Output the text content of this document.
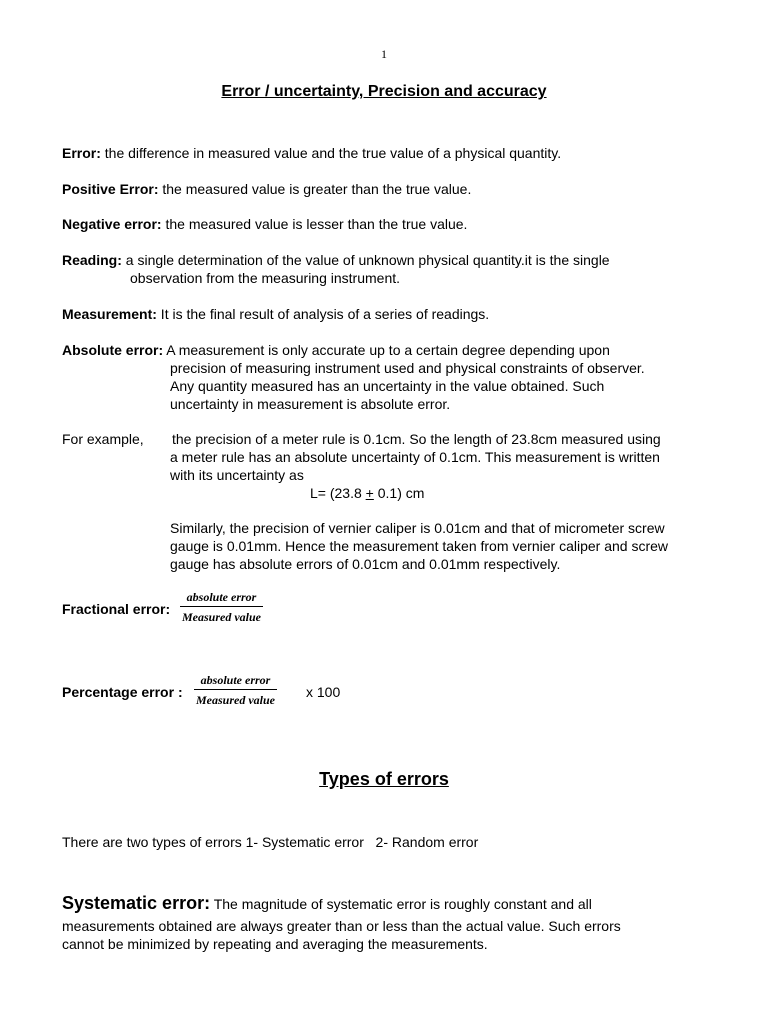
1
Error / uncertainty, Precision and accuracy
Error: the difference in measured value and the true value of a physical quantity.
Positive Error: the measured value is greater than the true value.
Negative error: the measured value is lesser than the true value.
Reading: a single determination of the value of unknown physical quantity.it is the single
observation from the measuring instrument.
Measurement: It is the final result of analysis of a series of readings.
Absolute error: A measurement is only accurate up to a certain degree depending upon
precision of measuring instrument used and physical constraints of observer.
Any quantity measured has an uncertainty in the value obtained. Such
uncertainty in measurement is absolute error.
For example, the precision of a meter rule is 0.1cm. So the length of 23.8cm measured using
a meter rule has an absolute uncertainty of 0.1cm. This measurement is written
with its uncertainty as
L= (23.8 + 0.1) cm
Similarly, the precision of vernier caliper is 0.01cm and that of micrometer screw
gauge is 0.01mm. Hence the measurement taken from vernier caliper and screw
gauge has absolute errors of 0.01cm and 0.01mm respectively.
Fractional error:
absolute error
Measured value
Percentage error :
absolute error
Measured value x 100
Types of errors
There are two types of errors 1- Systematic error   2- Random error
Systematic error: The magnitude of systematic error is roughly constant and all
measurements obtained are always greater than or less than the actual value. Such errors
cannot be minimized by repeating and averaging the measurements.
